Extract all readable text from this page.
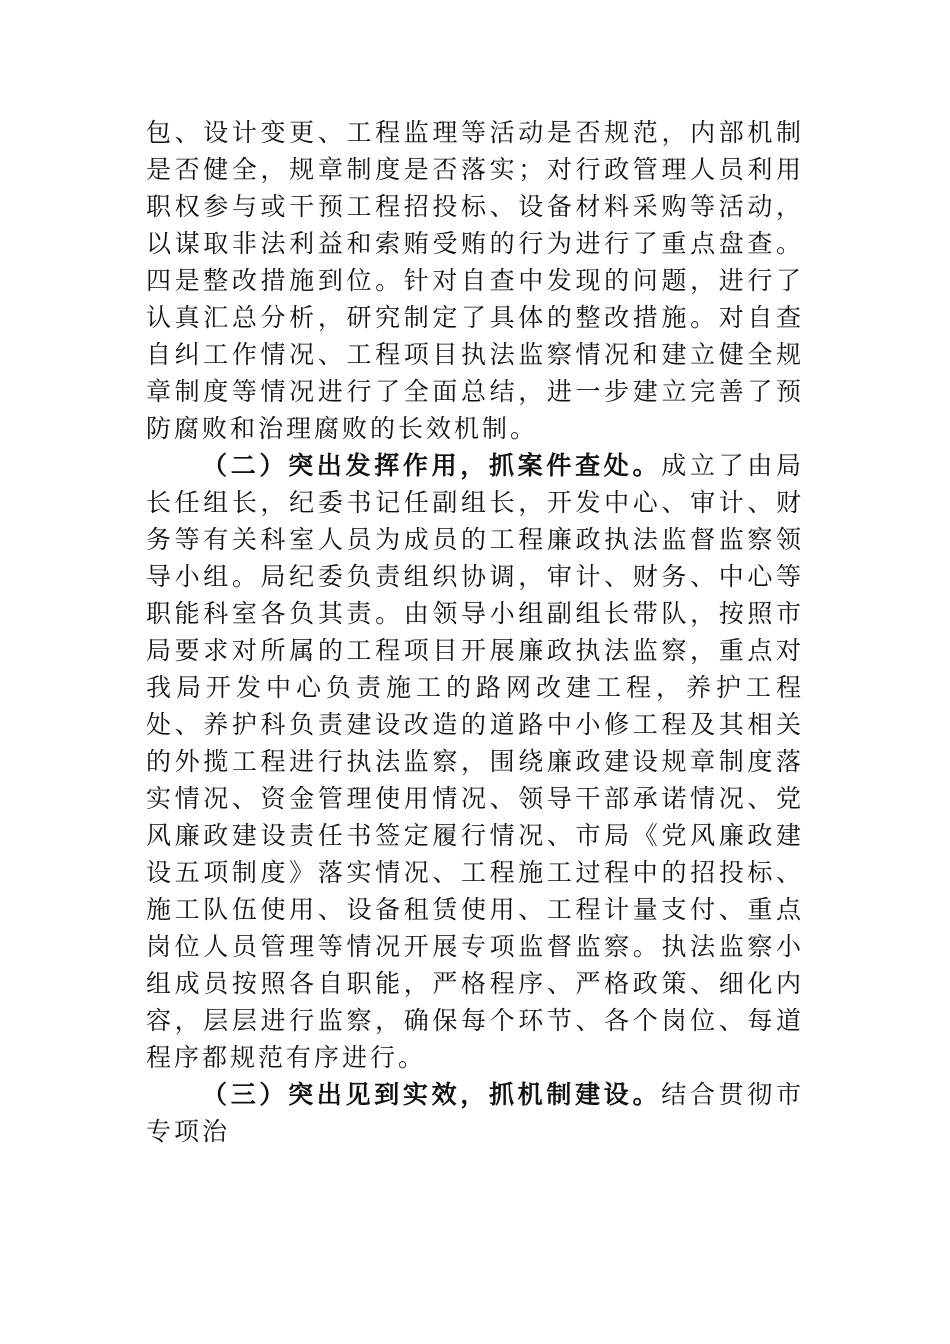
包、设计变更、工程监理等活动是否规范，内部机制是否健全，规章制度是否落实；对行政管理人员利用职权参与或干预工程招投标、设备材料采购等活动，以谋取非法利益和索贿受贿的行为进行了重点盘查。四是整改措施到位。针对自查中发现的问题，进行了认真汇总分析，研究制定了具体的整改措施。对自查自纠工作情况、工程项目执法监察情况和建立健全规章制度等情况进行了全面总结，进一步建立完善了预防腐败和治理腐败的长效机制。

（二）突出发挥作用，抓案件查处。成立了由局长任组长，纪委书记任副组长，开发中心、审计、财务等有关科室人员为成员的工程廉政执法监督监察领导小组。局纪委负责组织协调，审计、财务、中心等职能科室各负其责。由领导小组副组长带队，按照市局要求对所属的工程项目开展廉政执法监察，重点对我局开发中心负责施工的路网改建工程，养护工程处、养护科负责建设改造的道路中小修工程及其相关的外揽工程进行执法监察，围绕廉政建设规章制度落实情况、资金管理使用情况、领导干部承诺情况、党风廉政建设责任书签定履行情况、市局《党风廉政建设五项制度》落实情况、工程施工过程中的招投标、施工队伍使用、设备租赁使用、工程计量支付、重点岗位人员管理等情况开展专项监督监察。执法监察小组成员按照各自职能，严格程序、严格政策、细化内容，层层进行监察，确保每个环节、各个岗位、每道程序都规范有序进行。

（三）突出见到实效，抓机制建设。结合贯彻市专项治
